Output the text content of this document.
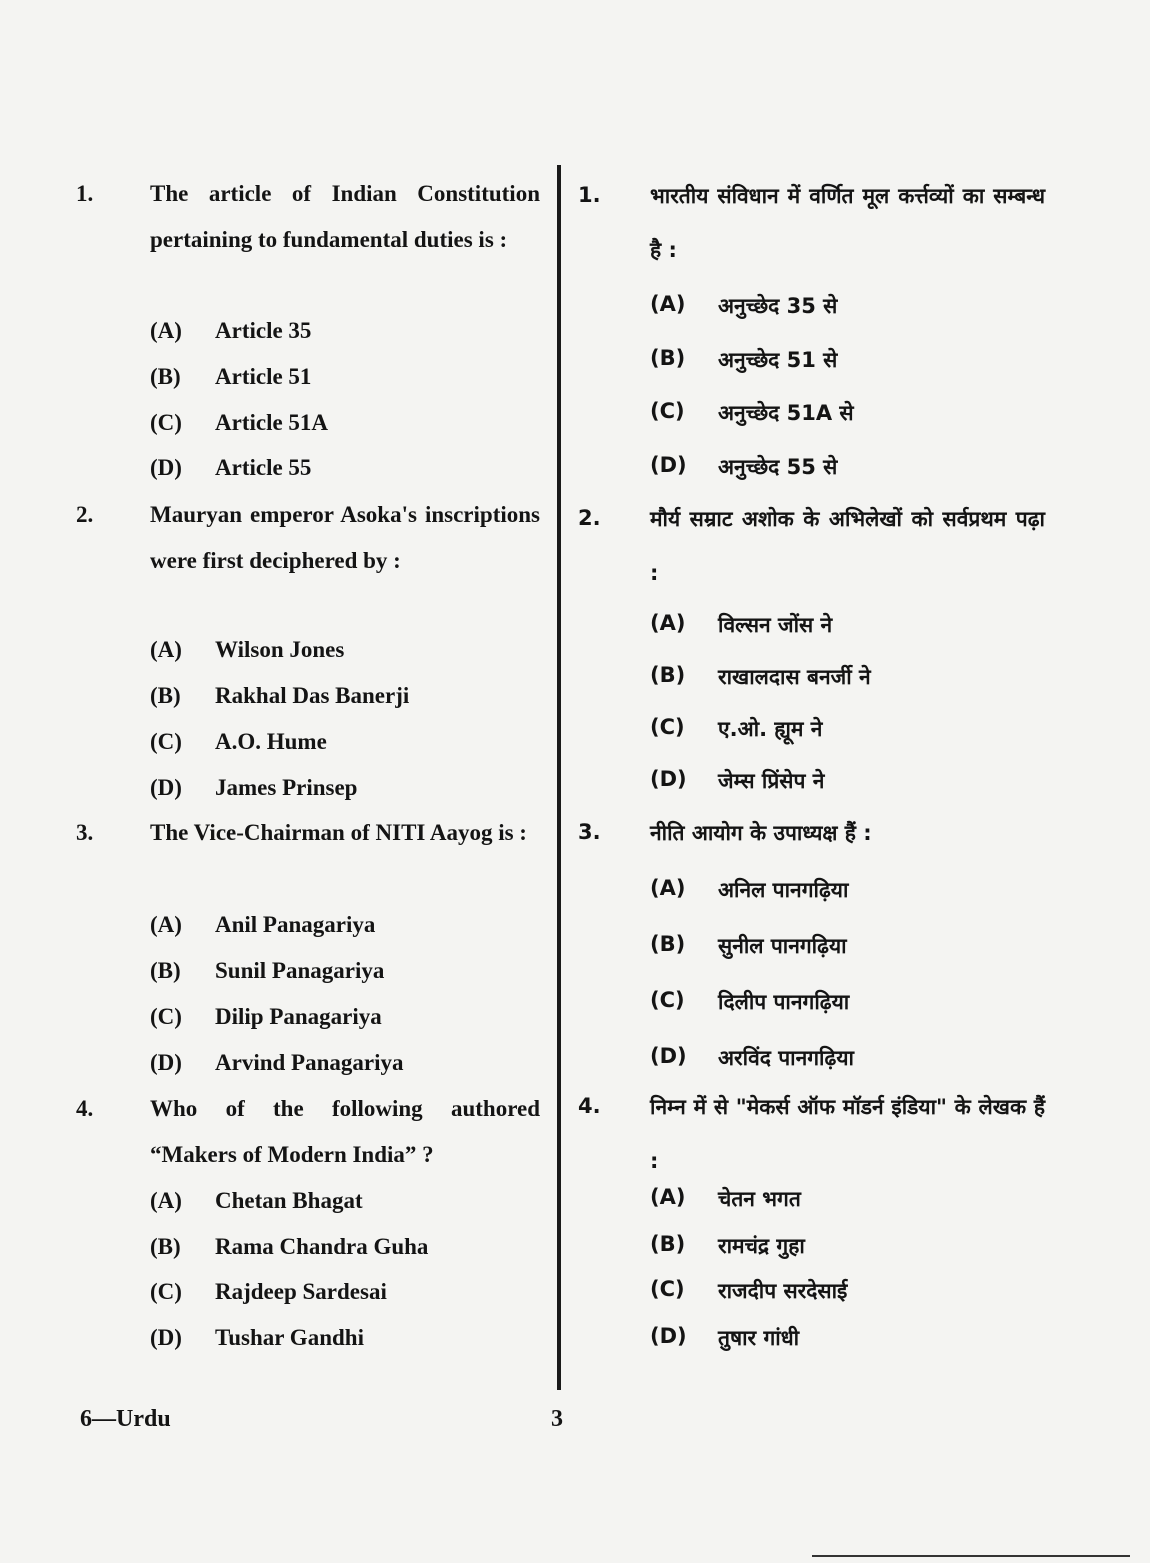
6—Urdu	3
1. The article of Indian Constitution pertaining to fundamental duties is :
(A) Article 35
(B) Article 51
(C) Article 51A
(D) Article 55
2. Mauryan emperor Asoka's inscriptions were first deciphered by :
(A) Wilson Jones
(B) Rakhal Das Banerji
(C) A.O. Hume
(D) James Prinsep
3. The Vice-Chairman of NITI Aayog is :
(A) Anil Panagariya
(B) Sunil Panagariya
(C) Dilip Panagariya
(D) Arvind Panagariya
4. Who of the following authored “Makers of Modern India” ?
(A) Chetan Bhagat
(B) Rama Chandra Guha
(C) Rajdeep Sardesai
(D) Tushar Gandhi
1. भारतीय संविधान में वर्णित मूल कर्त्तव्यों का सम्बन्ध है :
(A) अनुच्छेद 35 से
(B) अनुच्छेद 51 से
(C) अनुच्छेद 51A से
(D) अनुच्छेद 55 से
2. मौर्य सम्राट अशोक के अभिलेखों को सर्वप्रथम पढ़ा :
(A) विल्सन जोंस ने
(B) राखालदास बनर्जी ने
(C) ए.ओ. ह्यूम ने
(D) जेम्स प्रिंसेप ने
3. नीति आयोग के उपाध्यक्ष हैं :
(A) अनिल पानगढ़िया
(B) सुनील पानगढ़िया
(C) दिलीप पानगढ़िया
(D) अरविंद पानगढ़िया
4. निम्न में से "मेकर्स ऑफ मॉडर्न इंडिया" के लेखक हैं :
(A) चेतन भगत
(B) रामचंद्र गुहा
(C) राजदीप सरदेसाई
(D) तुषार गांधी
